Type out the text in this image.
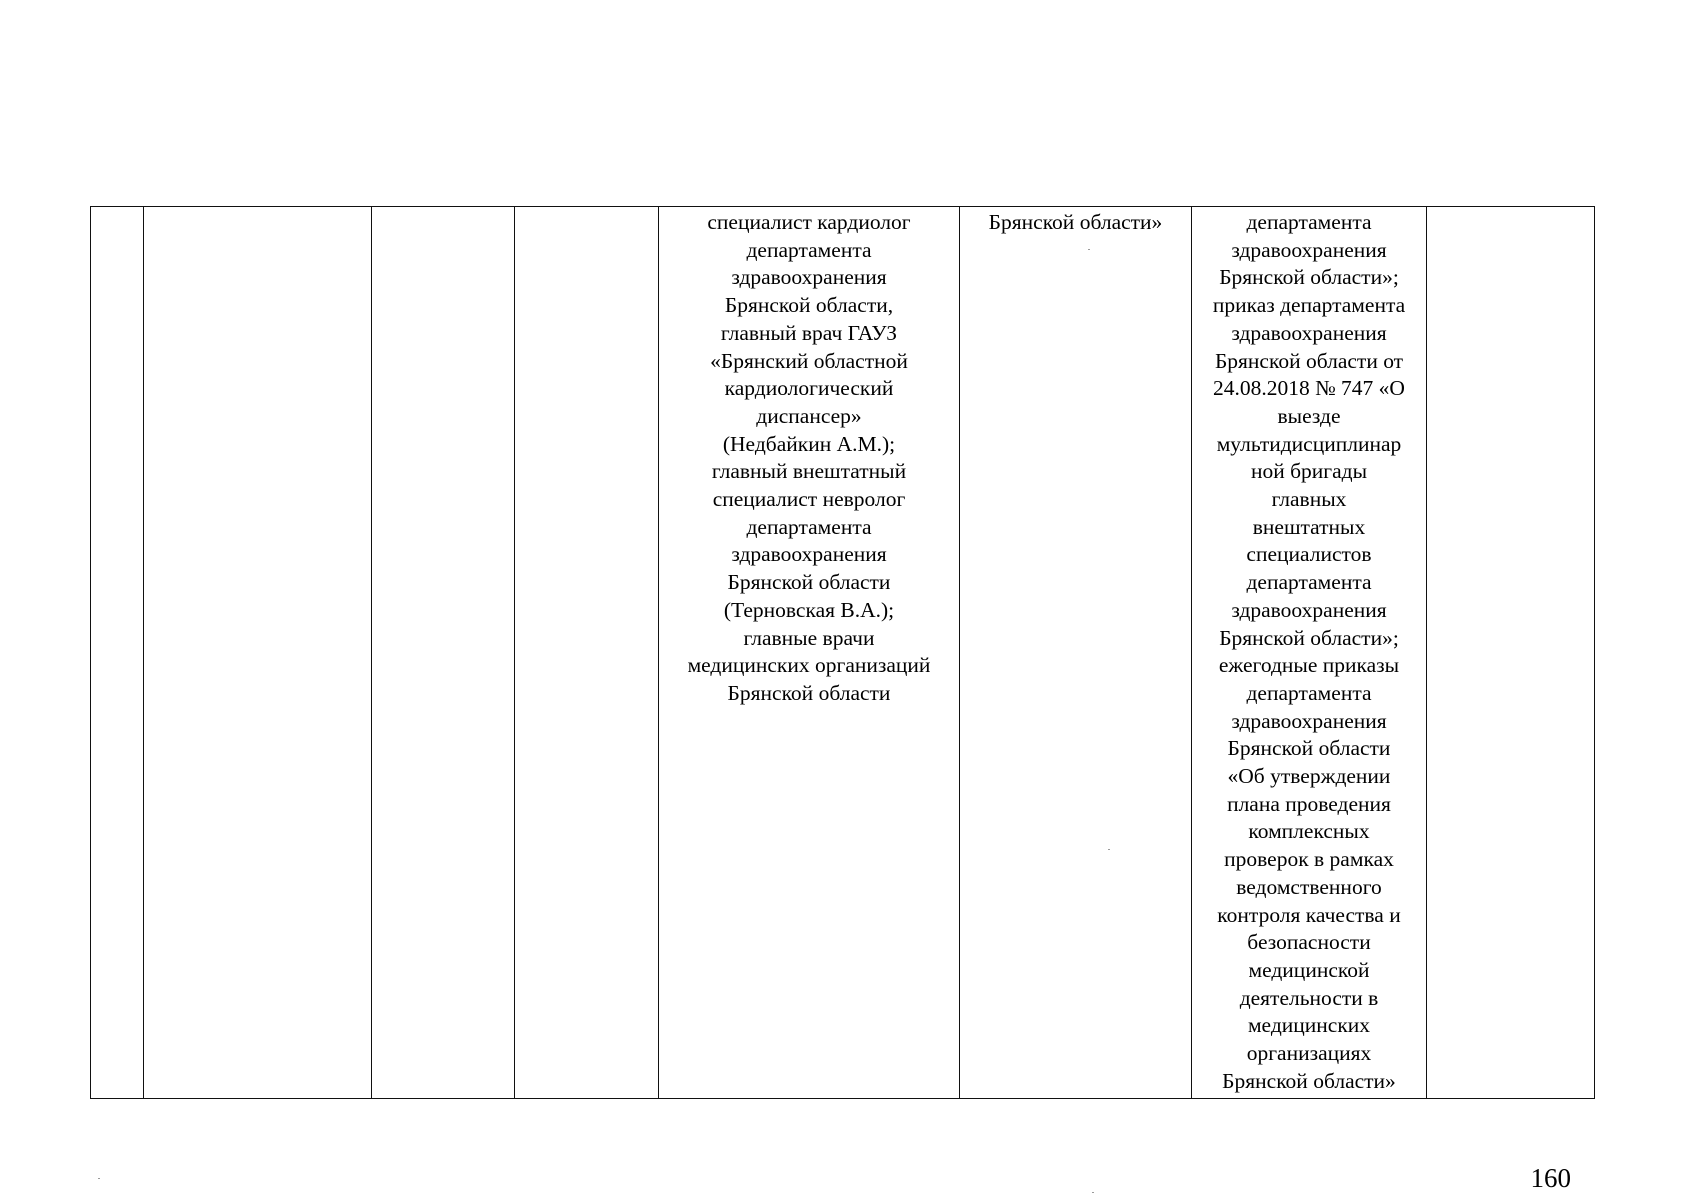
				специалист кардиолог
департамента
здравоохранения
Брянской области,
главный врач ГАУЗ
«Брянский областной
кардиологический
диспансер»
(Недбайкин А.М.);
главный внештатный
специалист невролог
департамента
здравоохранения
Брянской области
(Терновская В.А.);
главные врачи
медицинских организаций
Брянской области	Брянской области»	департамента
здравоохранения
Брянской области»;
приказ департамента
здравоохранения
Брянской области от
24.08.2018 № 747 «О
выезде
мультидисциплинар
ной бригады
главных
внештатных
специалистов
департамента
здравоохранения
Брянской области»;
ежегодные приказы
департамента
здравоохранения
Брянской области
«Об утверждении
плана проведения
комплексных
проверок в рамках
ведомственного
контроля качества и
безопасности
медицинской
деятельности в
медицинских
организациях
Брянской области»	
160
